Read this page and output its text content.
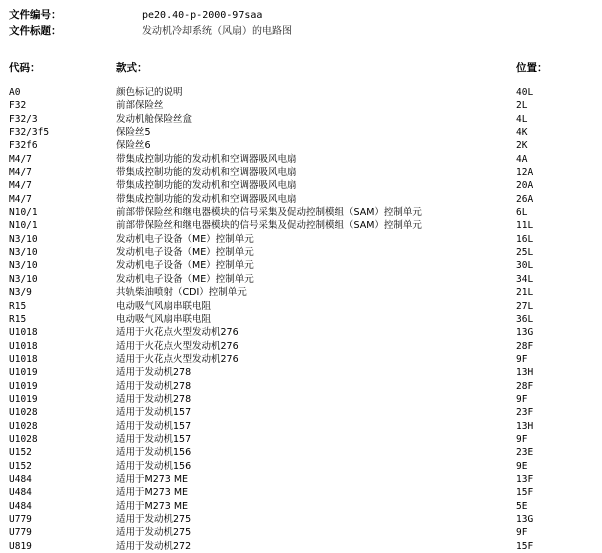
文件编号：	pe20.40-p-2000-97saa
文件标题：	发动机冷却系统（风扇）的电路图
代码：	款式：	位置：
A0	颜色标记的说明	40L
F32	前部保险丝	2L
F32/3	发动机舱保险丝盒	4L
F32/3f5	保险丝5	4K
F32f6	保险丝6	2K
M4/7	带集成控制功能的发动机和空调器吸风电扇	4A
M4/7	带集成控制功能的发动机和空调器吸风电扇	12A
M4/7	带集成控制功能的发动机和空调器吸风电扇	20A
M4/7	带集成控制功能的发动机和空调器吸风电扇	26A
N10/1	前部带保险丝和继电器模块的信号采集及促动控制模组（SAM）控制单元	6L
N10/1	前部带保险丝和继电器模块的信号采集及促动控制模组（SAM）控制单元	11L
N3/10	发动机电子设备（ME）控制单元	16L
N3/10	发动机电子设备（ME）控制单元	25L
N3/10	发动机电子设备（ME）控制单元	30L
N3/10	发动机电子设备（ME）控制单元	34L
N3/9	共轨柴油喷射（CDI）控制单元	21L
R15	电动吸气风扇串联电阻	27L
R15	电动吸气风扇串联电阻	36L
U1018	适用于火花点火型发动机276	13G
U1018	适用于火花点火型发动机276	28F
U1018	适用于火花点火型发动机276	9F
U1019	适用于发动机278	13H
U1019	适用于发动机278	28F
U1019	适用于发动机278	9F
U1028	适用于发动机157	23F
U1028	适用于发动机157	13H
U1028	适用于发动机157	9F
U152	适用于发动机156	23E
U152	适用于发动机156	9E
U484	适用于M273 ME	13F
U484	适用于M273 ME	15F
U484	适用于M273 ME	5E
U779	适用于发动机275	13G
U779	适用于发动机275	9F
U819	适用于发动机272	15F
